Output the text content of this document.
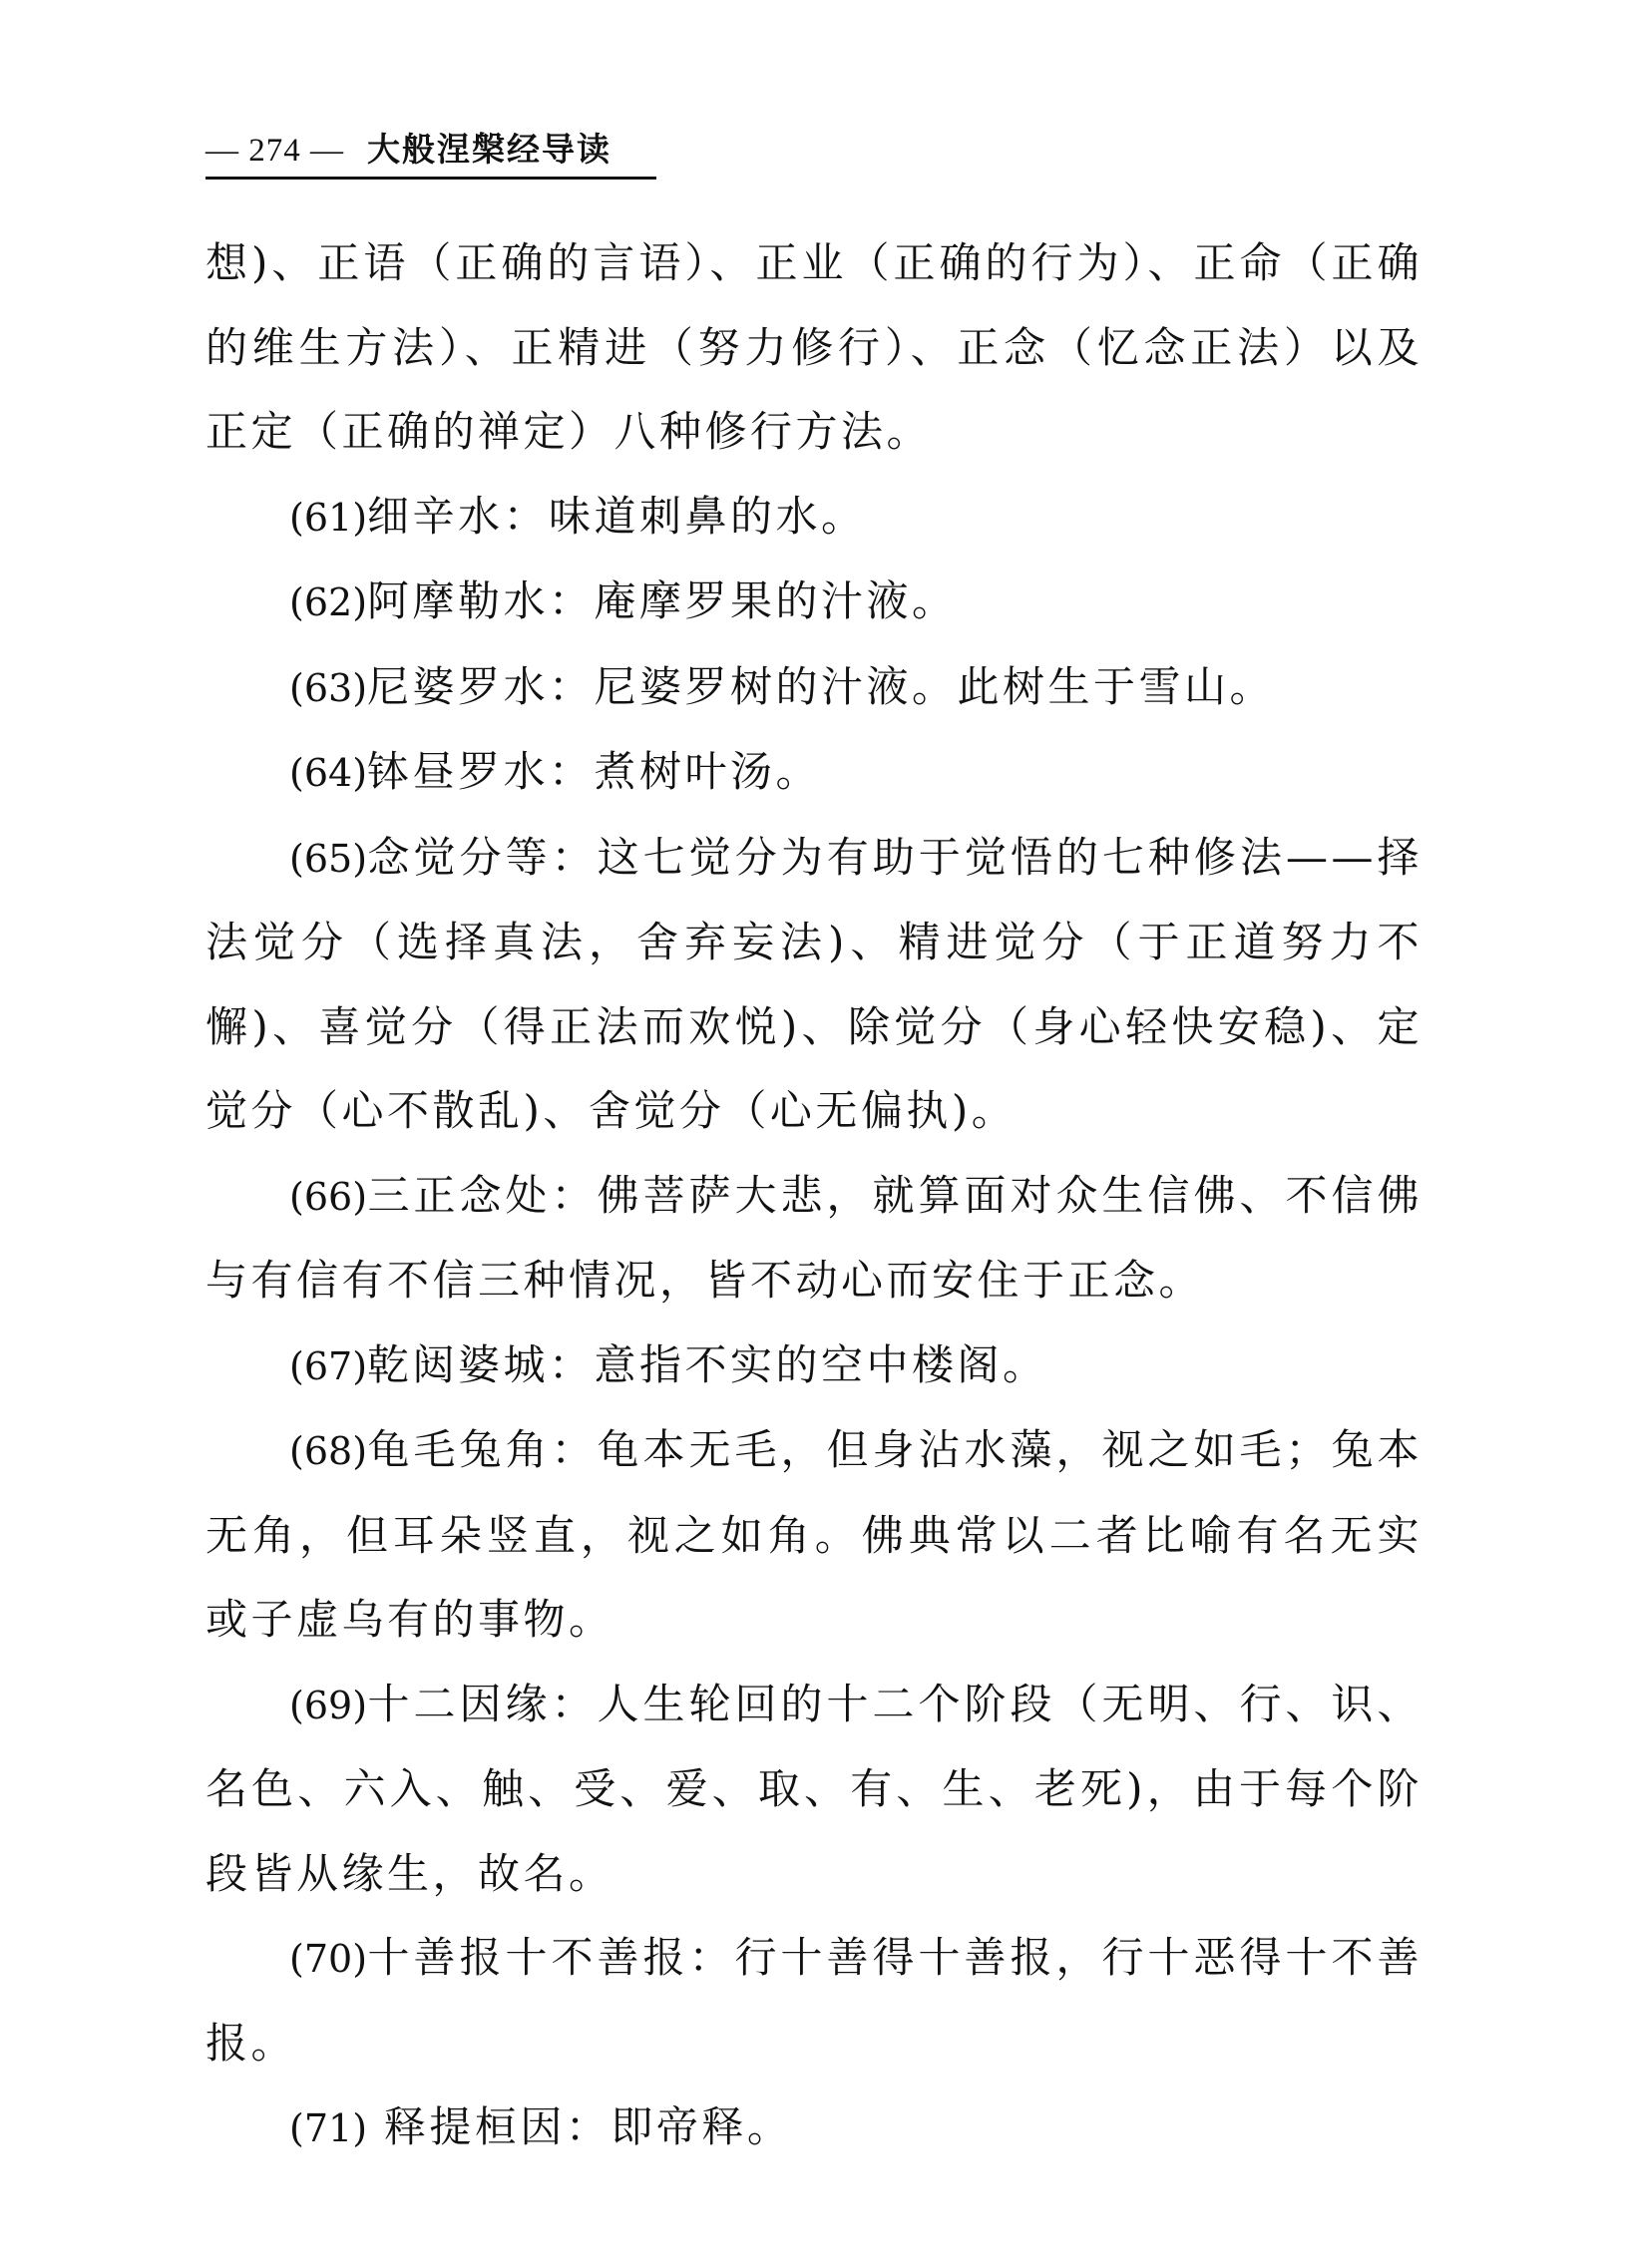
— 274 — 大般涅槃经导读

想)、正语（正确的言语）、正业（正确的行为）、正命（正确的维生方法）、正精进（努力修行）、正念（忆念正法）以及正定（正确的禅定）八种修行方法。

(61)细辛水：味道刺鼻的水。

(62)阿摩勒水：庵摩罗果的汁液。

(63)尼婆罗水：尼婆罗树的汁液。此树生于雪山。

(64)钵昼罗水：煮树叶汤。

(65)念觉分等：这七觉分为有助于觉悟的七种修法——择法觉分（选择真法，舍弃妄法)、精进觉分（于正道努力不懈)、喜觉分（得正法而欢悦)、除觉分（身心轻快安稳)、定觉分（心不散乱)、舍觉分（心无偏执)。

(66)三正念处：佛菩萨大悲，就算面对众生信佛、不信佛与有信有不信三种情况，皆不动心而安住于正念。

(67)乾闼婆城：意指不实的空中楼阁。

(68)龟毛兔角：龟本无毛，但身沾水藻，视之如毛；兔本无角，但耳朵竖直，视之如角。佛典常以二者比喻有名无实或子虚乌有的事物。

(69)十二因缘：人生轮回的十二个阶段（无明、行、识、名色、六入、触、受、爱、取、有、生、老死)，由于每个阶段皆从缘生，故名。

(70)十善报十不善报：行十善得十善报，行十恶得十不善报。

(71) 释提桓因：即帝释。
